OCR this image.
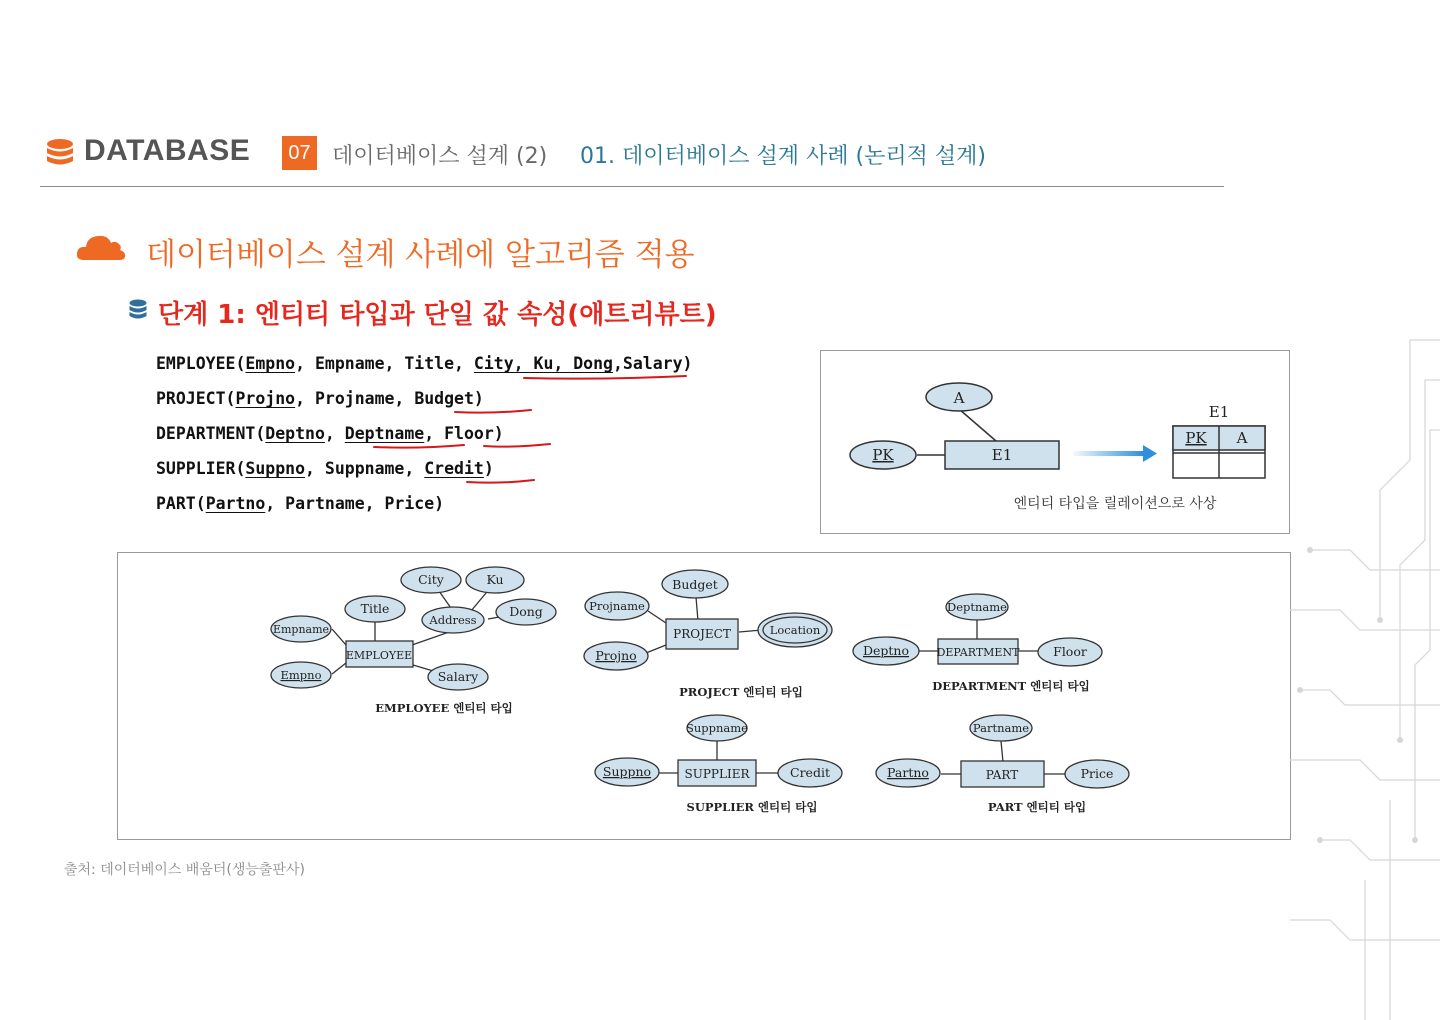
DATABASE	07 데이터베이스 설계 (2) 01. 데이터베이스 설계 사례 (논리적 설계)
데이터베이스 설계 사례에 알고리즘 적용
단계 1: 엔티티 타입과 단일 값 속성(애트리뷰트)
EMPLOYEE(Empno, Empname, Title, City, Ku, Dong,Salary)
PROJECT(Projno, Projname, Budget)
DEPARTMENT(Deptno, Deptname, Floor)
SUPPLIER(Suppno, Suppname, Credit)
PART(Partno, Partname, Price)
A
PK	E1
E1
PK A
엔티티 타입을 릴레이션으로 사상
City	Ku
Title
Address
Dong
Empname
Empno	Salary
EMPLOYEE
Budget
Projname
Location
Projno
PROJECT
Deptname
Deptno	Floor
DEPARTMENT
Suppname
Suppno	Credit
SUPPLIER
Partname
Partno	Price
PART
EMPLOYEE 엔티티 타입
PROJECT 엔티티 타입	DEPARTMENT 엔티티 타입
SUPPLIER 엔티티 타입	PART 엔티티 타입
출처: 데이터베이스 배움터(생능출판사)
